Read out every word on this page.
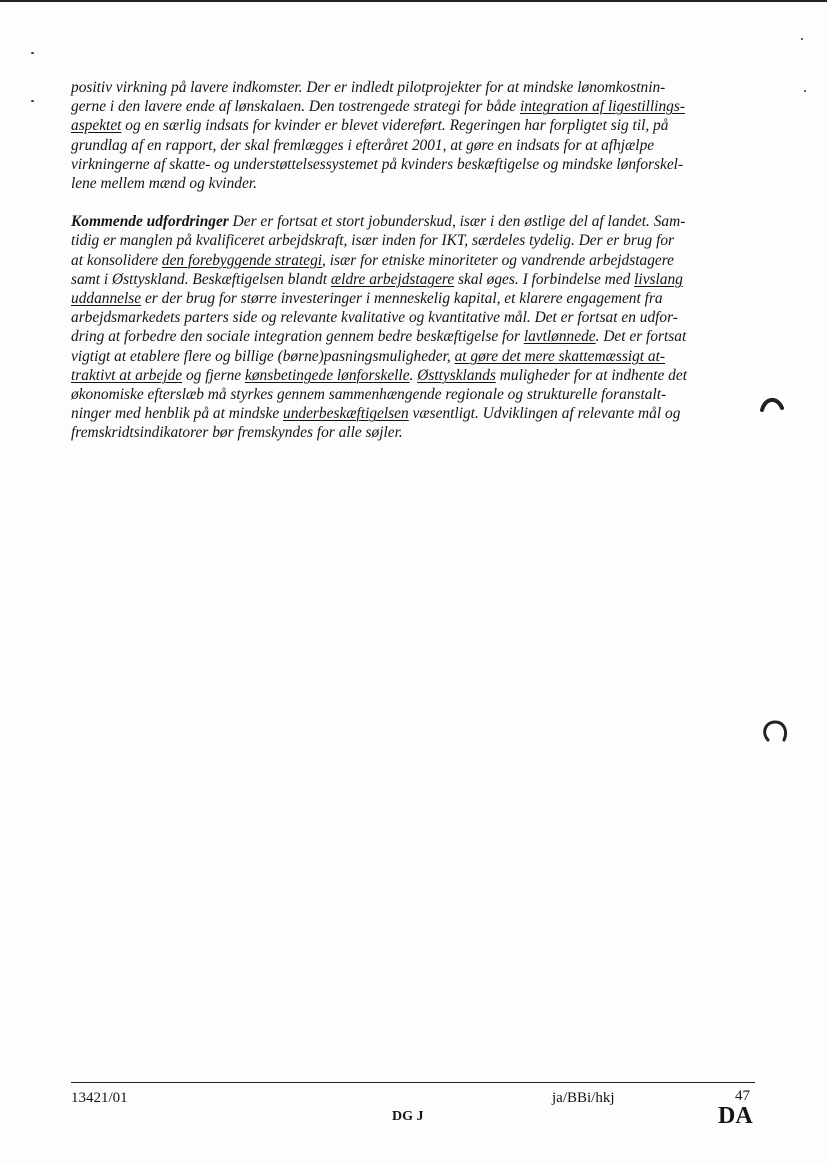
positiv virkning på lavere indkomster. Der er indledt pilotprojekter for at mindske lønomkostnin-
gerne i den lavere ende af lønskalaen. Den tostrengede strategi for både integration af ligestillings-
aspektet og en særlig indsats for kvinder er blevet videreført. Regeringen har forpligtet sig til, på
grundlag af en rapport, der skal fremlægges i efteråret 2001, at gøre en indsats for at afhjælpe
virkningerne af skatte- og understøttelsessystemet på kvinders beskæftigelse og mindske lønforskel-
lene mellem mænd og kvinder.

Kommende udfordringer Der er fortsat et stort jobunderskud, især i den østlige del af landet. Sam-
tidig er manglen på kvalificeret arbejdskraft, især inden for IKT, særdeles tydelig. Der er brug for
at konsolidere den forebyggende strategi, især for etniske minoriteter og vandrende arbejdstagere
samt i Østtyskland. Beskæftigelsen blandt ældre arbejdstagere skal øges. I forbindelse med livslang
uddannelse er der brug for større investeringer i menneskelig kapital, et klarere engagement fra
arbejdsmarkedets parters side og relevante kvalitative og kvantitative mål. Det er fortsat en udfor-
dring at forbedre den sociale integration gennem bedre beskæftigelse for lavtlønnede. Det er fortsat
vigtigt at etablere flere og billige (børne)pasningsmuligheder, at gøre det mere skattemæssigt at-
traktivt at arbejde og fjerne kønsbetingede lønforskelle. Østtysklands muligheder for at indhente det
økonomiske efterslæb må styrkes gennem sammenhængende regionale og strukturelle foranstalt-
ninger med henblik på at mindske underbeskæftigelsen væsentligt. Udviklingen af relevante mål og
fremskridtsindikatorer bør fremskyndes for alle søjler.

13421/01	ja/BBi/hkj	47
DG J	DA
